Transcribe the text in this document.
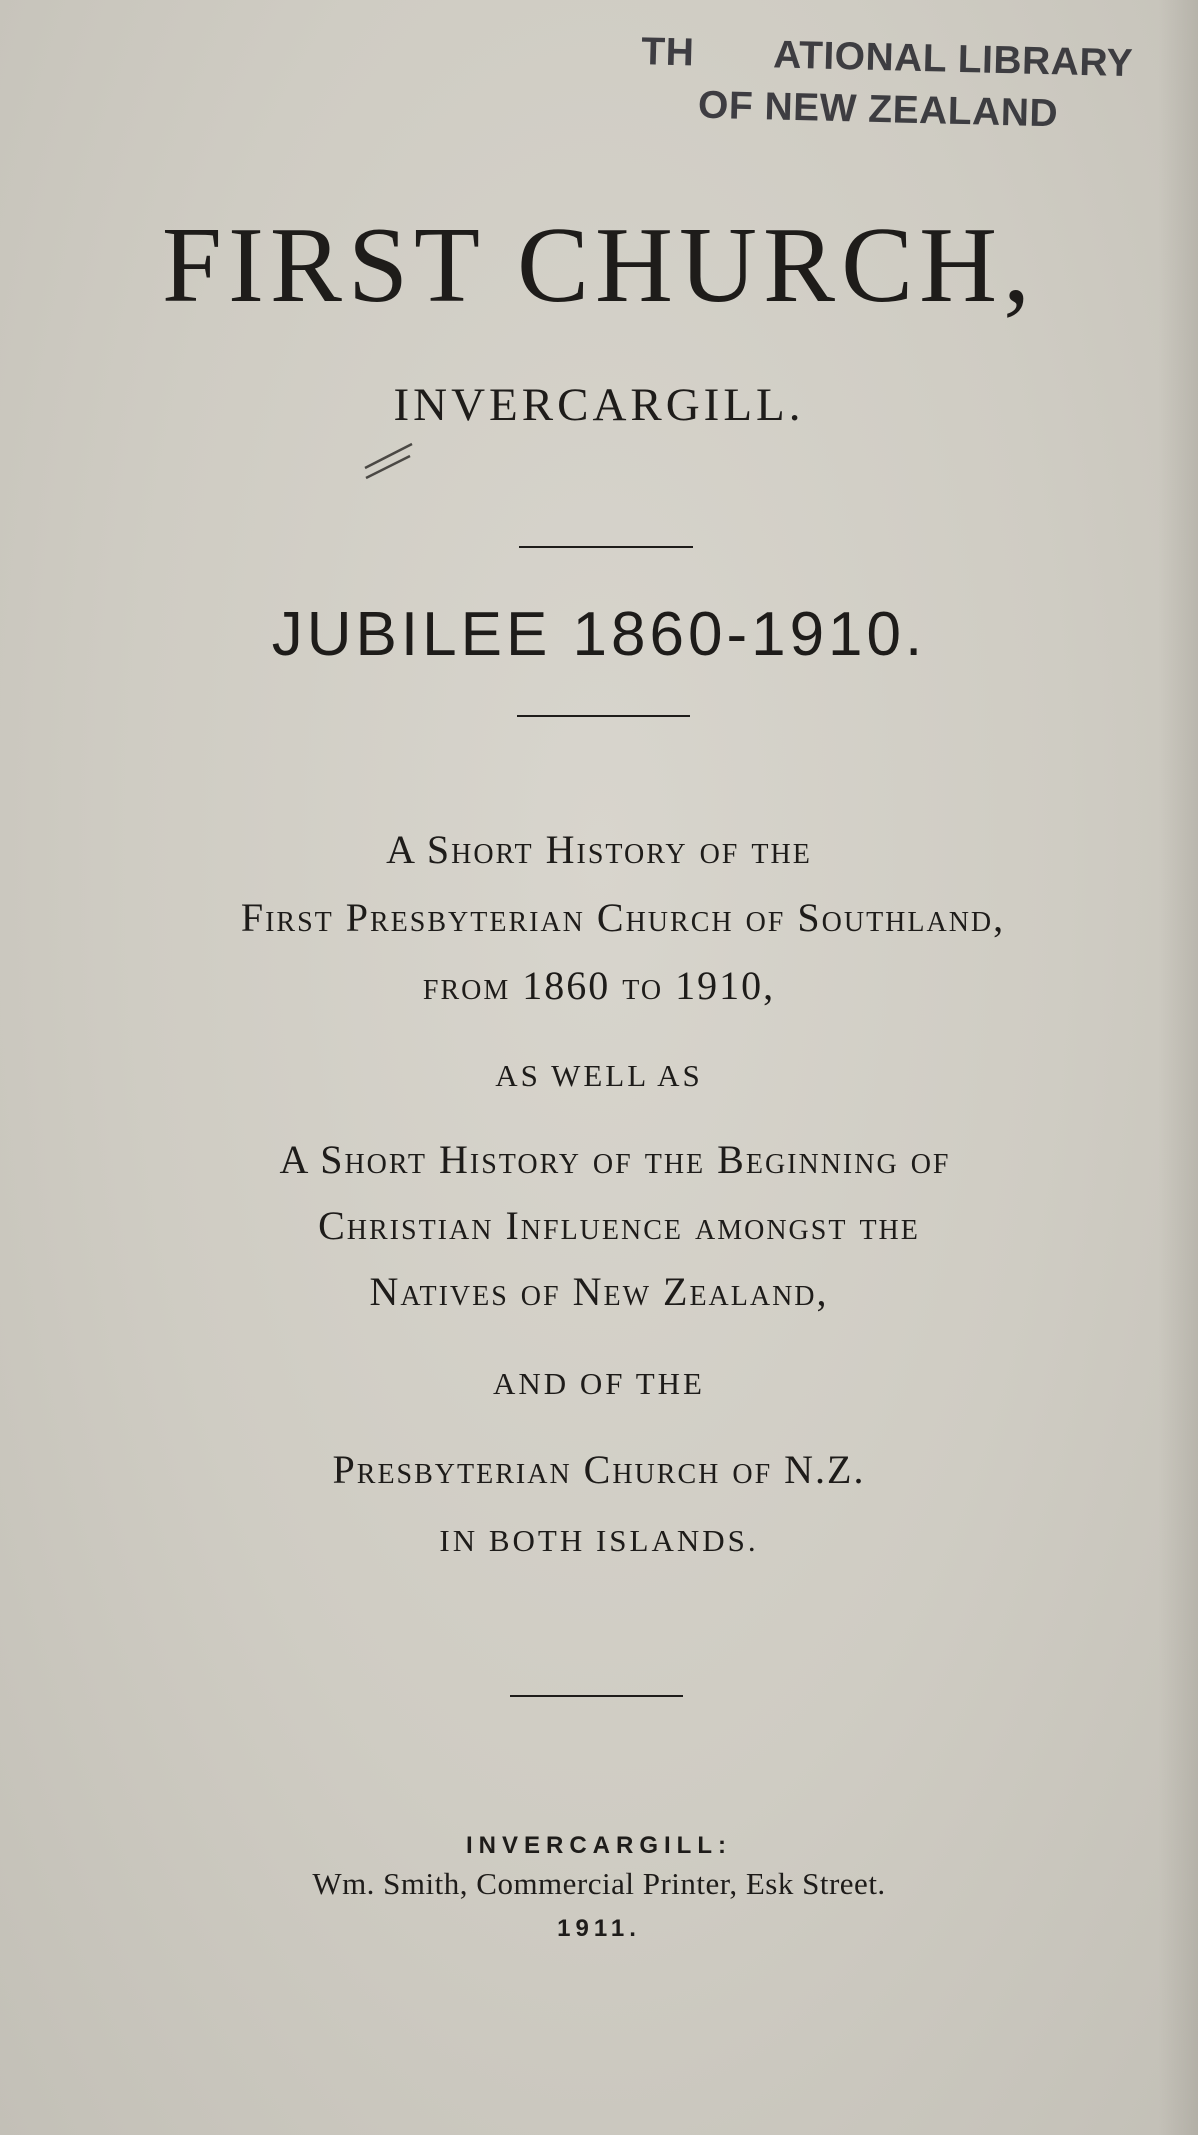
TH  ATIONAL LIBRARY
OF NEW ZEALAND
FIRST CHURCH,
INVERCARGILL.
JUBILEE 1860-1910.
A Short History of the
First Presbyterian Church of Southland,
from 1860 to 1910,
AS WELL AS
A Short History of the Beginning of
Christian Influence amongst the
Natives of New Zealand,
AND OF THE
Presbyterian Church of N.Z.
IN BOTH ISLANDS.
INVERCARGILL:
Wm. Smith, Commercial Printer, Esk Street.
1911.
